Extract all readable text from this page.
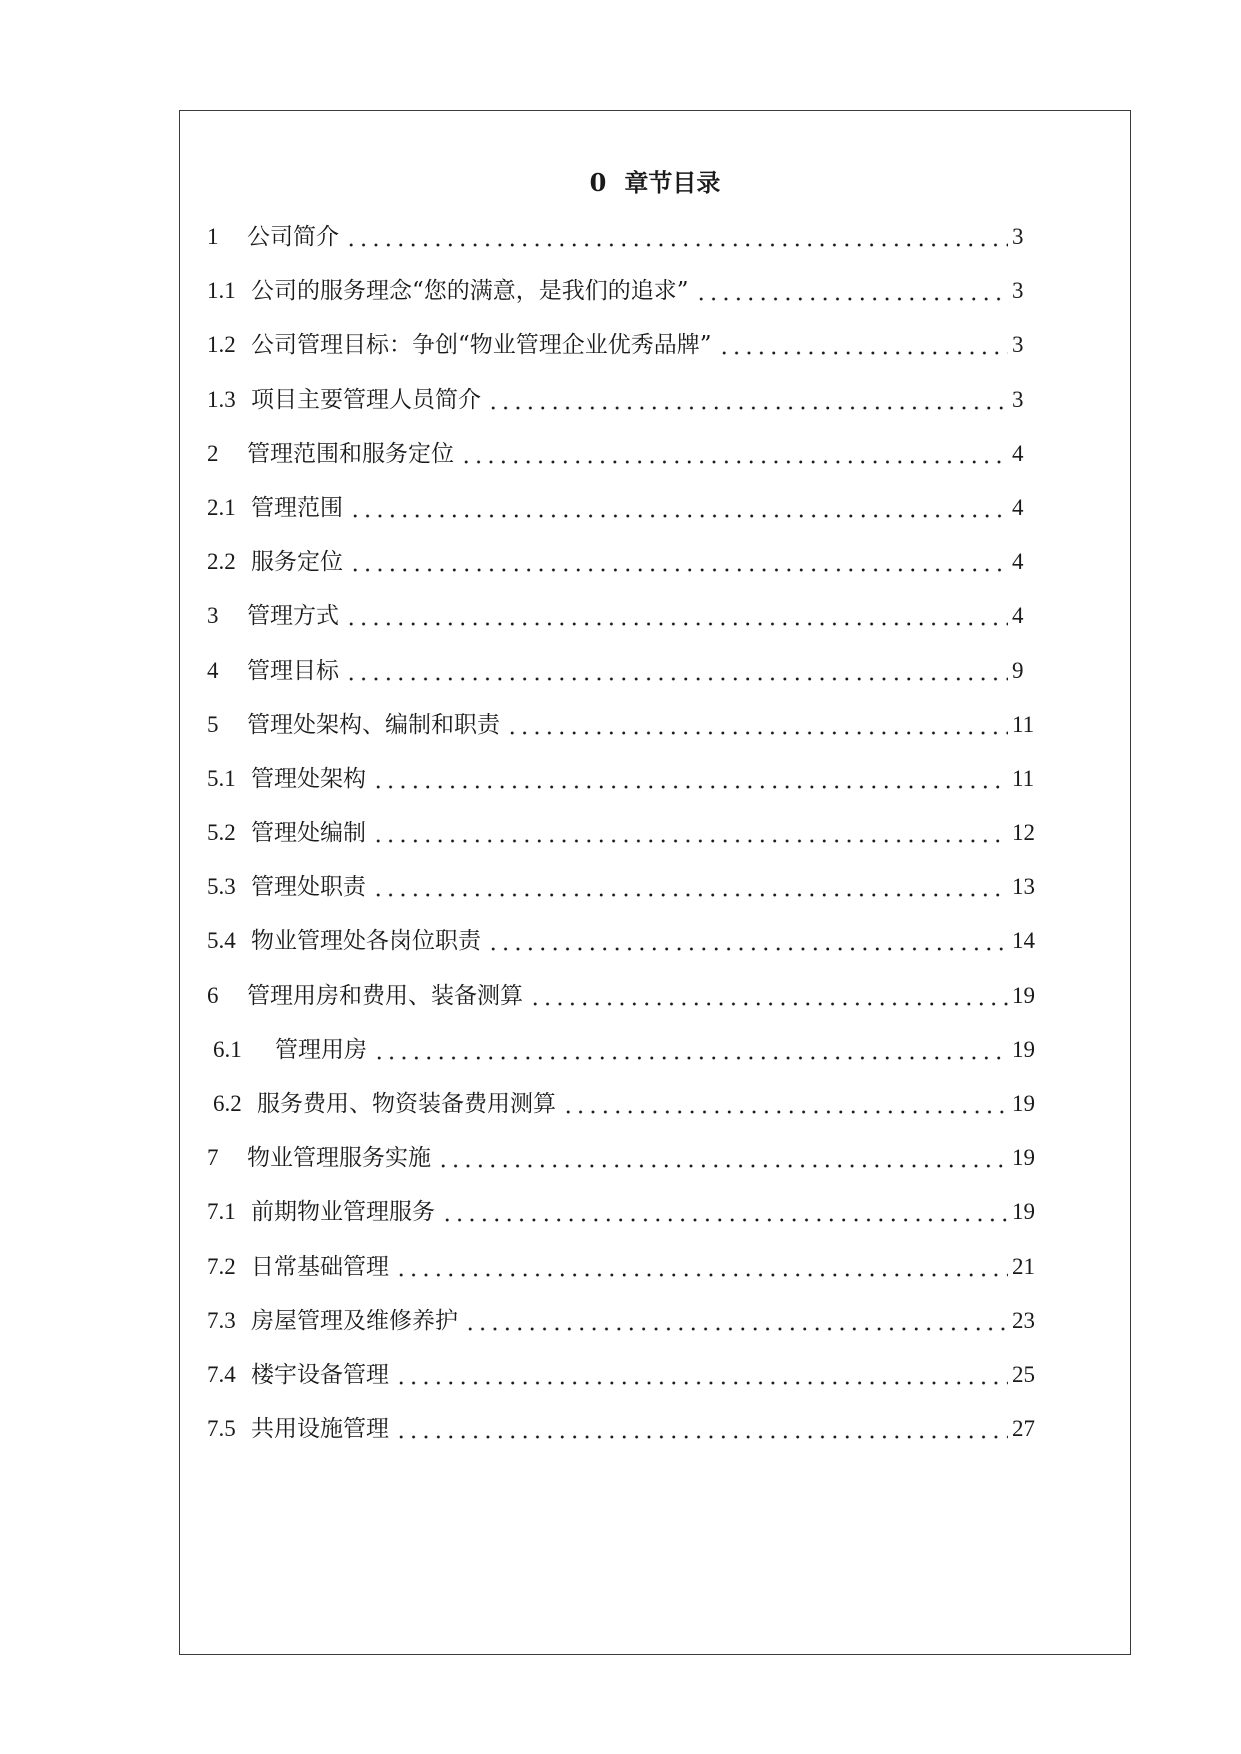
0 章节目录
1	公司简介	3
1.1 公司的服务理念“您的满意，是我们的追求”	3
1.2 公司管理目标：争创“物业管理企业优秀品牌”	3
1.3 项目主要管理人员简介	3
2	管理范围和服务定位	4
2.1 管理范围	4
2.2 服务定位	4
3	管理方式	4
4	管理目标	9
5	管理处架构、编制和职责	11
5.1 管理处架构	11
5.2 管理处编制	12
5.3 管理处职责	13
5.4 物业管理处各岗位职责	14
6	管理用房和费用、装备测算	19
6.1	管理用房	19
6.2 服务费用、物资装备费用测算	19
7	物业管理服务实施	19
7.1 前期物业管理服务	19
7.2 日常基础管理	21
7.3 房屋管理及维修养护	23
7.4 楼宇设备管理	25
7.5 共用设施管理	27
